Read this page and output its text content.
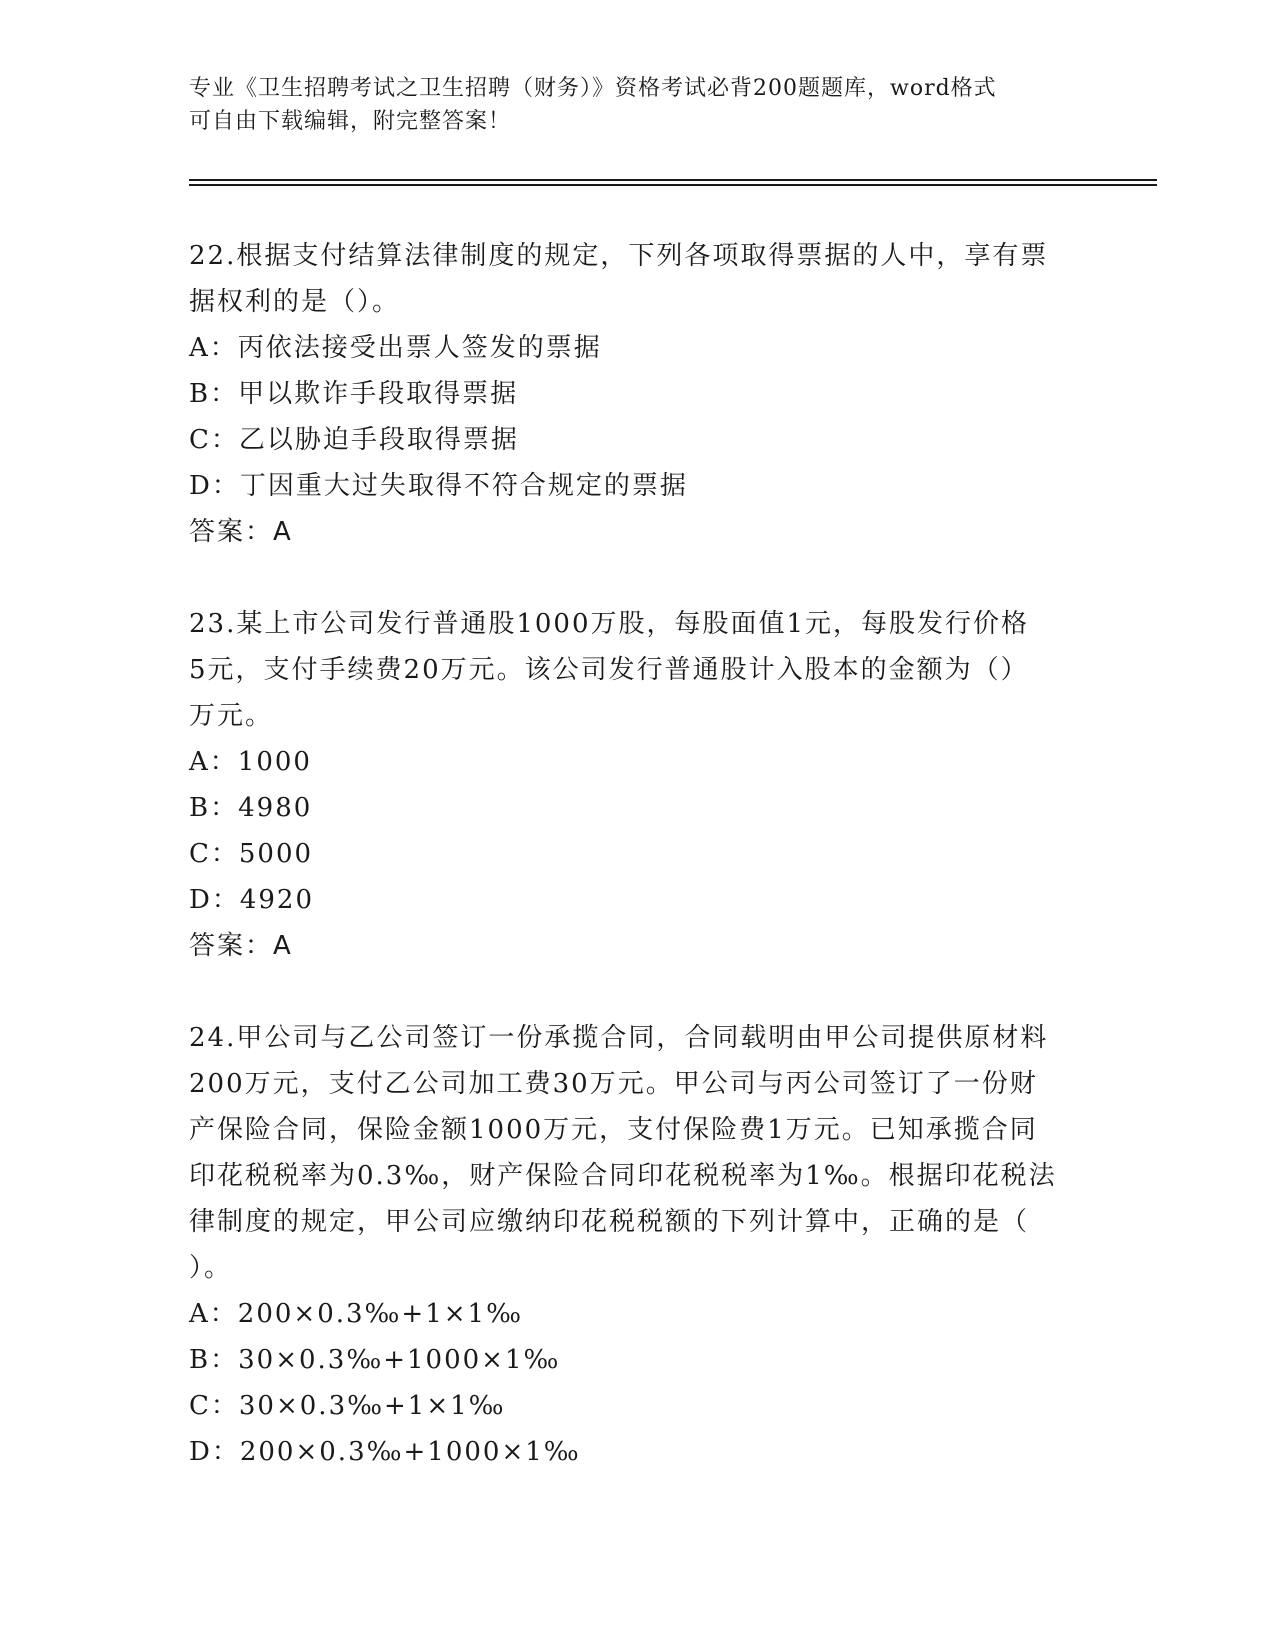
专业《卫生招聘考试之卫生招聘（财务）》资格考试必背200题题库，word格式
可自由下载编辑，附完整答案！
22.根据支付结算法律制度的规定，下列各项取得票据的人中，享有票
据权利的是（）。
A：丙依法接受出票人签发的票据
B：甲以欺诈手段取得票据
C：乙以胁迫手段取得票据
D：丁因重大过失取得不符合规定的票据
答案：A
23.某上市公司发行普通股1000万股，每股面值1元，每股发行价格
5元，支付手续费20万元。该公司发行普通股计入股本的金额为（）
万元。
A：1000
B：4980
C：5000
D：4920
答案：A
24.甲公司与乙公司签订一份承揽合同，合同载明由甲公司提供原材料
200万元，支付乙公司加工费30万元。甲公司与丙公司签订了一份财
产保险合同，保险金额1000万元，支付保险费1万元。已知承揽合同
印花税税率为0.3‰，财产保险合同印花税税率为1‰。根据印花税法
律制度的规定，甲公司应缴纳印花税税额的下列计算中，正确的是（
）。
A：200×0.3‰+1×1‰
B：30×0.3‰+1000×1‰
C：30×0.3‰+1×1‰
D：200×0.3‰+1000×1‰
